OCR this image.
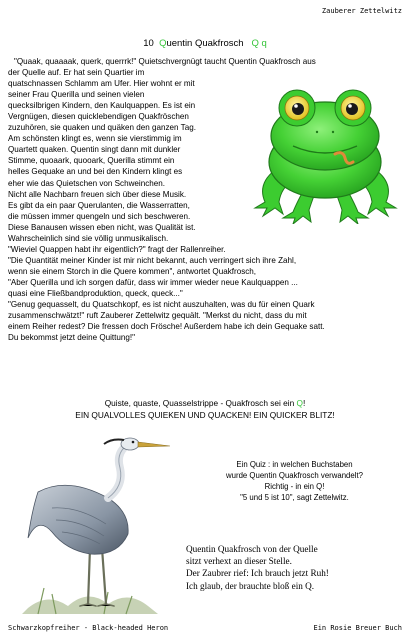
Zauberer Zettelwitz
10 Quentin Quakfrosch Q q
"Quaak, quaaaak, querk, querrrk!" Quietschvergnügt taucht Quentin Quakfrosch aus
der Quelle auf. Er hat sein Quartier im
quatschnassen Schlamm am Ufer. Hier wohnt er mit
seiner Frau Querilla und seinen vielen
quecksilbrigen Kindern, den Kaulquappen. Es ist ein
Vergnügen, diesen quicklebendigen Quakfröschen
zuzuhören, sie quaken und quäken den ganzen Tag.
Am schönsten klingt es, wenn sie vierstimmig im
Quartett quaken. Quentin singt dann mit dunkler
Stimme, quoaark, quooark, Querilla stimmt ein
helles Gequake an und bei den Kindern klingt es
eher wie das Quietschen von Schweinchen.
Nicht alle Nachbarn freuen sich über diese Musik.
Es gibt da ein paar Querulanten, die Wasserratten,
die müssen immer quengeln und sich beschweren.
Diese Banausen wissen eben nicht, was Qualität ist.
Wahrscheinlich sind sie völlig unmusikalisch.
"Wieviel Quappen habt ihr eigentlich?" fragt der Rallenreiher.
"Die Quantität meiner Kinder ist mir nicht bekannt, auch verringert sich ihre Zahl,
wenn sie einem Storch in die Quere kommen", antwortet Quakfrosch,
"Aber Querilla und ich sorgen dafür, dass wir immer wieder neue Kaulquappen ...
quasi eine Fließbandproduktion, queck, queck..."
"Genug gequasselt, du Quatschkopf, es ist nicht auszuhalten, was du für einen Quark
zusammenschwätzt!" ruft Zauberer Zettelwitz gequält. "Merkst du nicht, dass du mit
einem Reiher redest? Die fressen doch Frösche! Außerdem habe ich dein Gequake satt.
Du bekommst jetzt deine Quittung!"
Quiste, quaste, Quasselstrippe - Quakfrosch sei ein Q!
EIN QUALVOLLES QUIEKEN UND QUACKEN! EIN QUICKER BLITZ!
Ein Quiz : in welchen Buchstaben
wurde Quentin Quakfrosch verwandelt?
Richtig - in ein Q!
"5 und 5 ist 10", sagt Zettelwitz.
Quentin Quakfrosch von der Quelle
sitzt verhext an dieser Stelle.
Der Zaubrer rief: Ich brauch jetzt Ruh!
Ich glaub, der brauchte bloß ein Q.
Schwarzkopfreiher - Black-headed Heron	Ein Rosie Breuer Buch
